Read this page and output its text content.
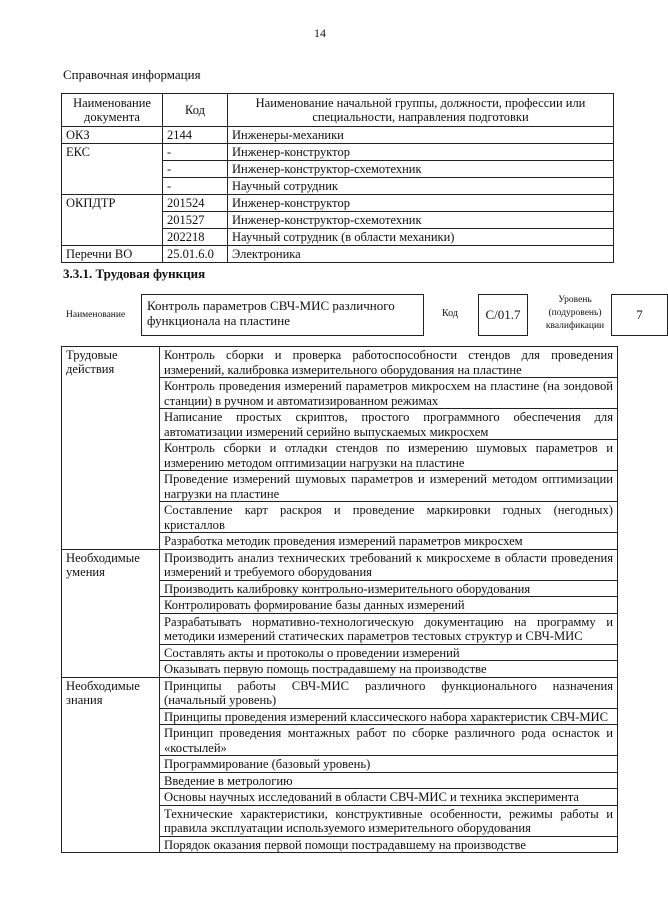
14
Справочная информация
Наименование документа	Код	Наименование начальной группы, должности, профессии или специальности, направления подготовки
ОКЗ	2144	Инженеры-механики
ЕКС	-	Инженер-конструктор
	-	Инженер-конструктор-схемотехник
	-	Научный сотрудник
ОКПДТР	201524	Инженер-конструктор
	201527	Инженер-конструктор-схемотехник
	202218	Научный сотрудник (в области механики)
Перечни ВО	25.01.6.0	Электроника
3.3.1. Трудовая функция
Наименование
Контроль параметров СВЧ-МИС различного функционала на пластине	Код	C/01.7
Уровень (подуровень) квалификации
7
Трудовые действия	Контроль сборки и проверка работоспособности стендов для проведения измерений, калибровка измерительного оборудования на пластине
	Контроль проведения измерений параметров микросхем на пластине (на зондовой станции) в ручном и автоматизированном режимах
	Написание простых скриптов, простого программного обеспечения для автоматизации измерений серийно выпускаемых микросхем
	Контроль сборки и отладки стендов по измерению шумовых параметров и измерению методом оптимизации нагрузки на пластине
	Проведение измерений шумовых параметров и измерений методом оптимизации нагрузки на пластине
	Составление карт раскроя и проведение маркировки годных (негодных) кристаллов
	Разработка методик проведения измерений параметров микросхем
Необходимые умения	Производить анализ технических требований к микросхеме в области проведения измерений и требуемого оборудования
	Производить калибровку контрольно-измерительного оборудования
	Контролировать формирование базы данных измерений
	Разрабатывать нормативно-технологическую документацию на программу и методики измерений статических параметров тестовых структур и СВЧ-МИС
	Составлять акты и протоколы о проведении измерений
	Оказывать первую помощь пострадавшему на производстве
Необходимые знания	Принципы работы СВЧ-МИС различного функционального назначения (начальный уровень)
	Принципы проведения измерений классического набора характеристик СВЧ-МИС
	Принцип проведения монтажных работ по сборке различного рода оснасток и «костылей»
	Программирование (базовый уровень)
	Введение в метрологию
	Основы научных исследований в области СВЧ-МИС и техника эксперимента
	Технические характеристики, конструктивные особенности, режимы работы и правила эксплуатации используемого измерительного оборудования
	Порядок оказания первой помощи пострадавшему на производстве
